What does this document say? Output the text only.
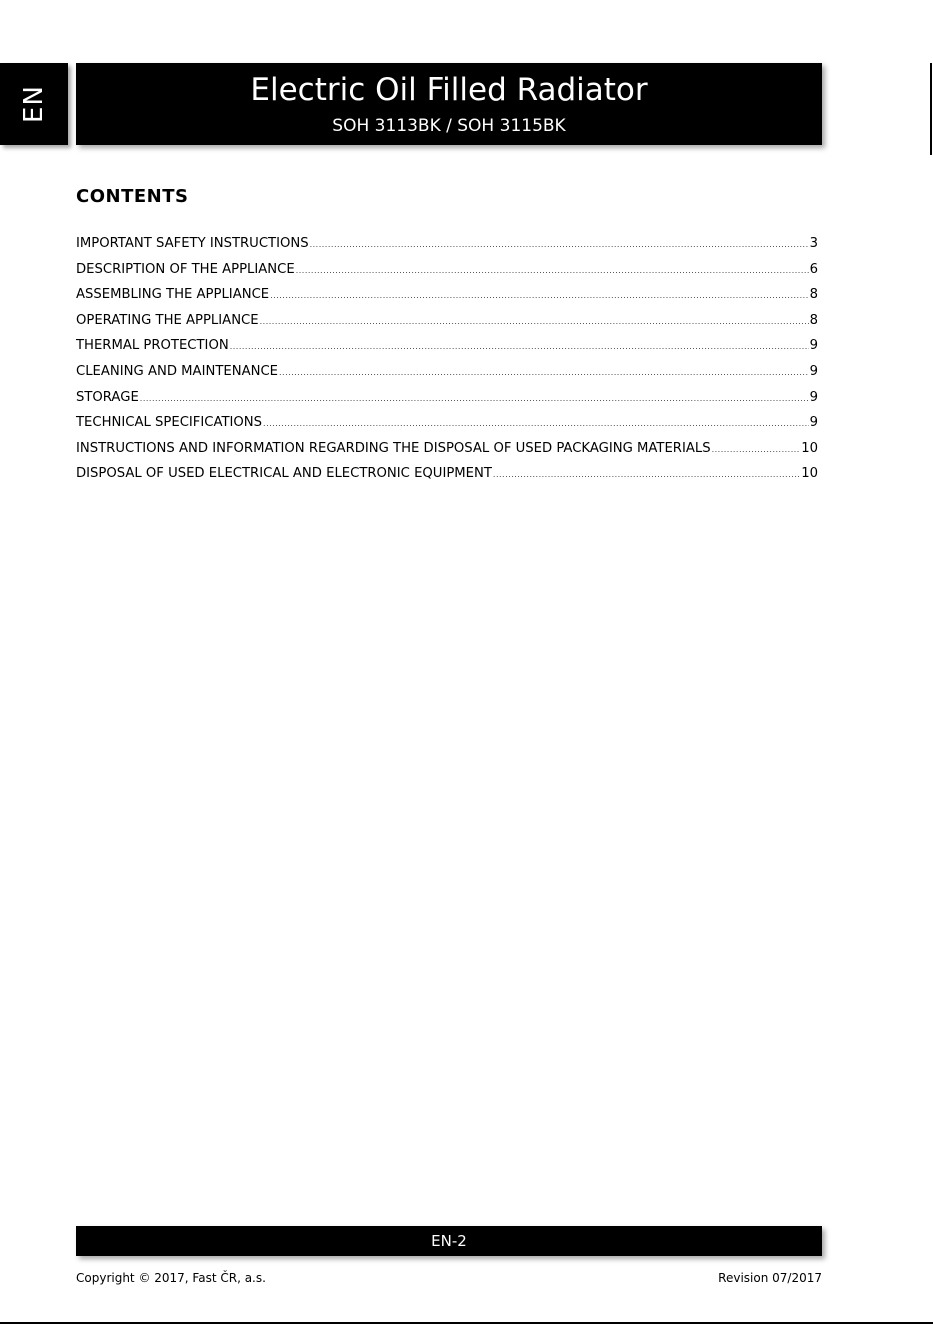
EN	Electric Oil Filled Radiator
SOH 3113BK / SOH 3115BK
CONTENTS
IMPORTANT SAFETY INSTRUCTIONS .....	3
DESCRIPTION OF THE APPLIANCE .....	6
ASSEMBLING THE APPLIANCE .....	8
OPERATING THE APPLIANCE .....	8
THERMAL PROTECTION .....	9
CLEANING AND MAINTENANCE .....	9
STORAGE .....	9
TECHNICAL SPECIFICATIONS .....	9
INSTRUCTIONS AND INFORMATION REGARDING THE DISPOSAL OF USED PACKAGING MATERIALS .....	10
DISPOSAL OF USED ELECTRICAL AND ELECTRONIC EQUIPMENT .....	10
EN-2
Copyright © 2017, Fast ČR, a.s.	Revision 07/2017
